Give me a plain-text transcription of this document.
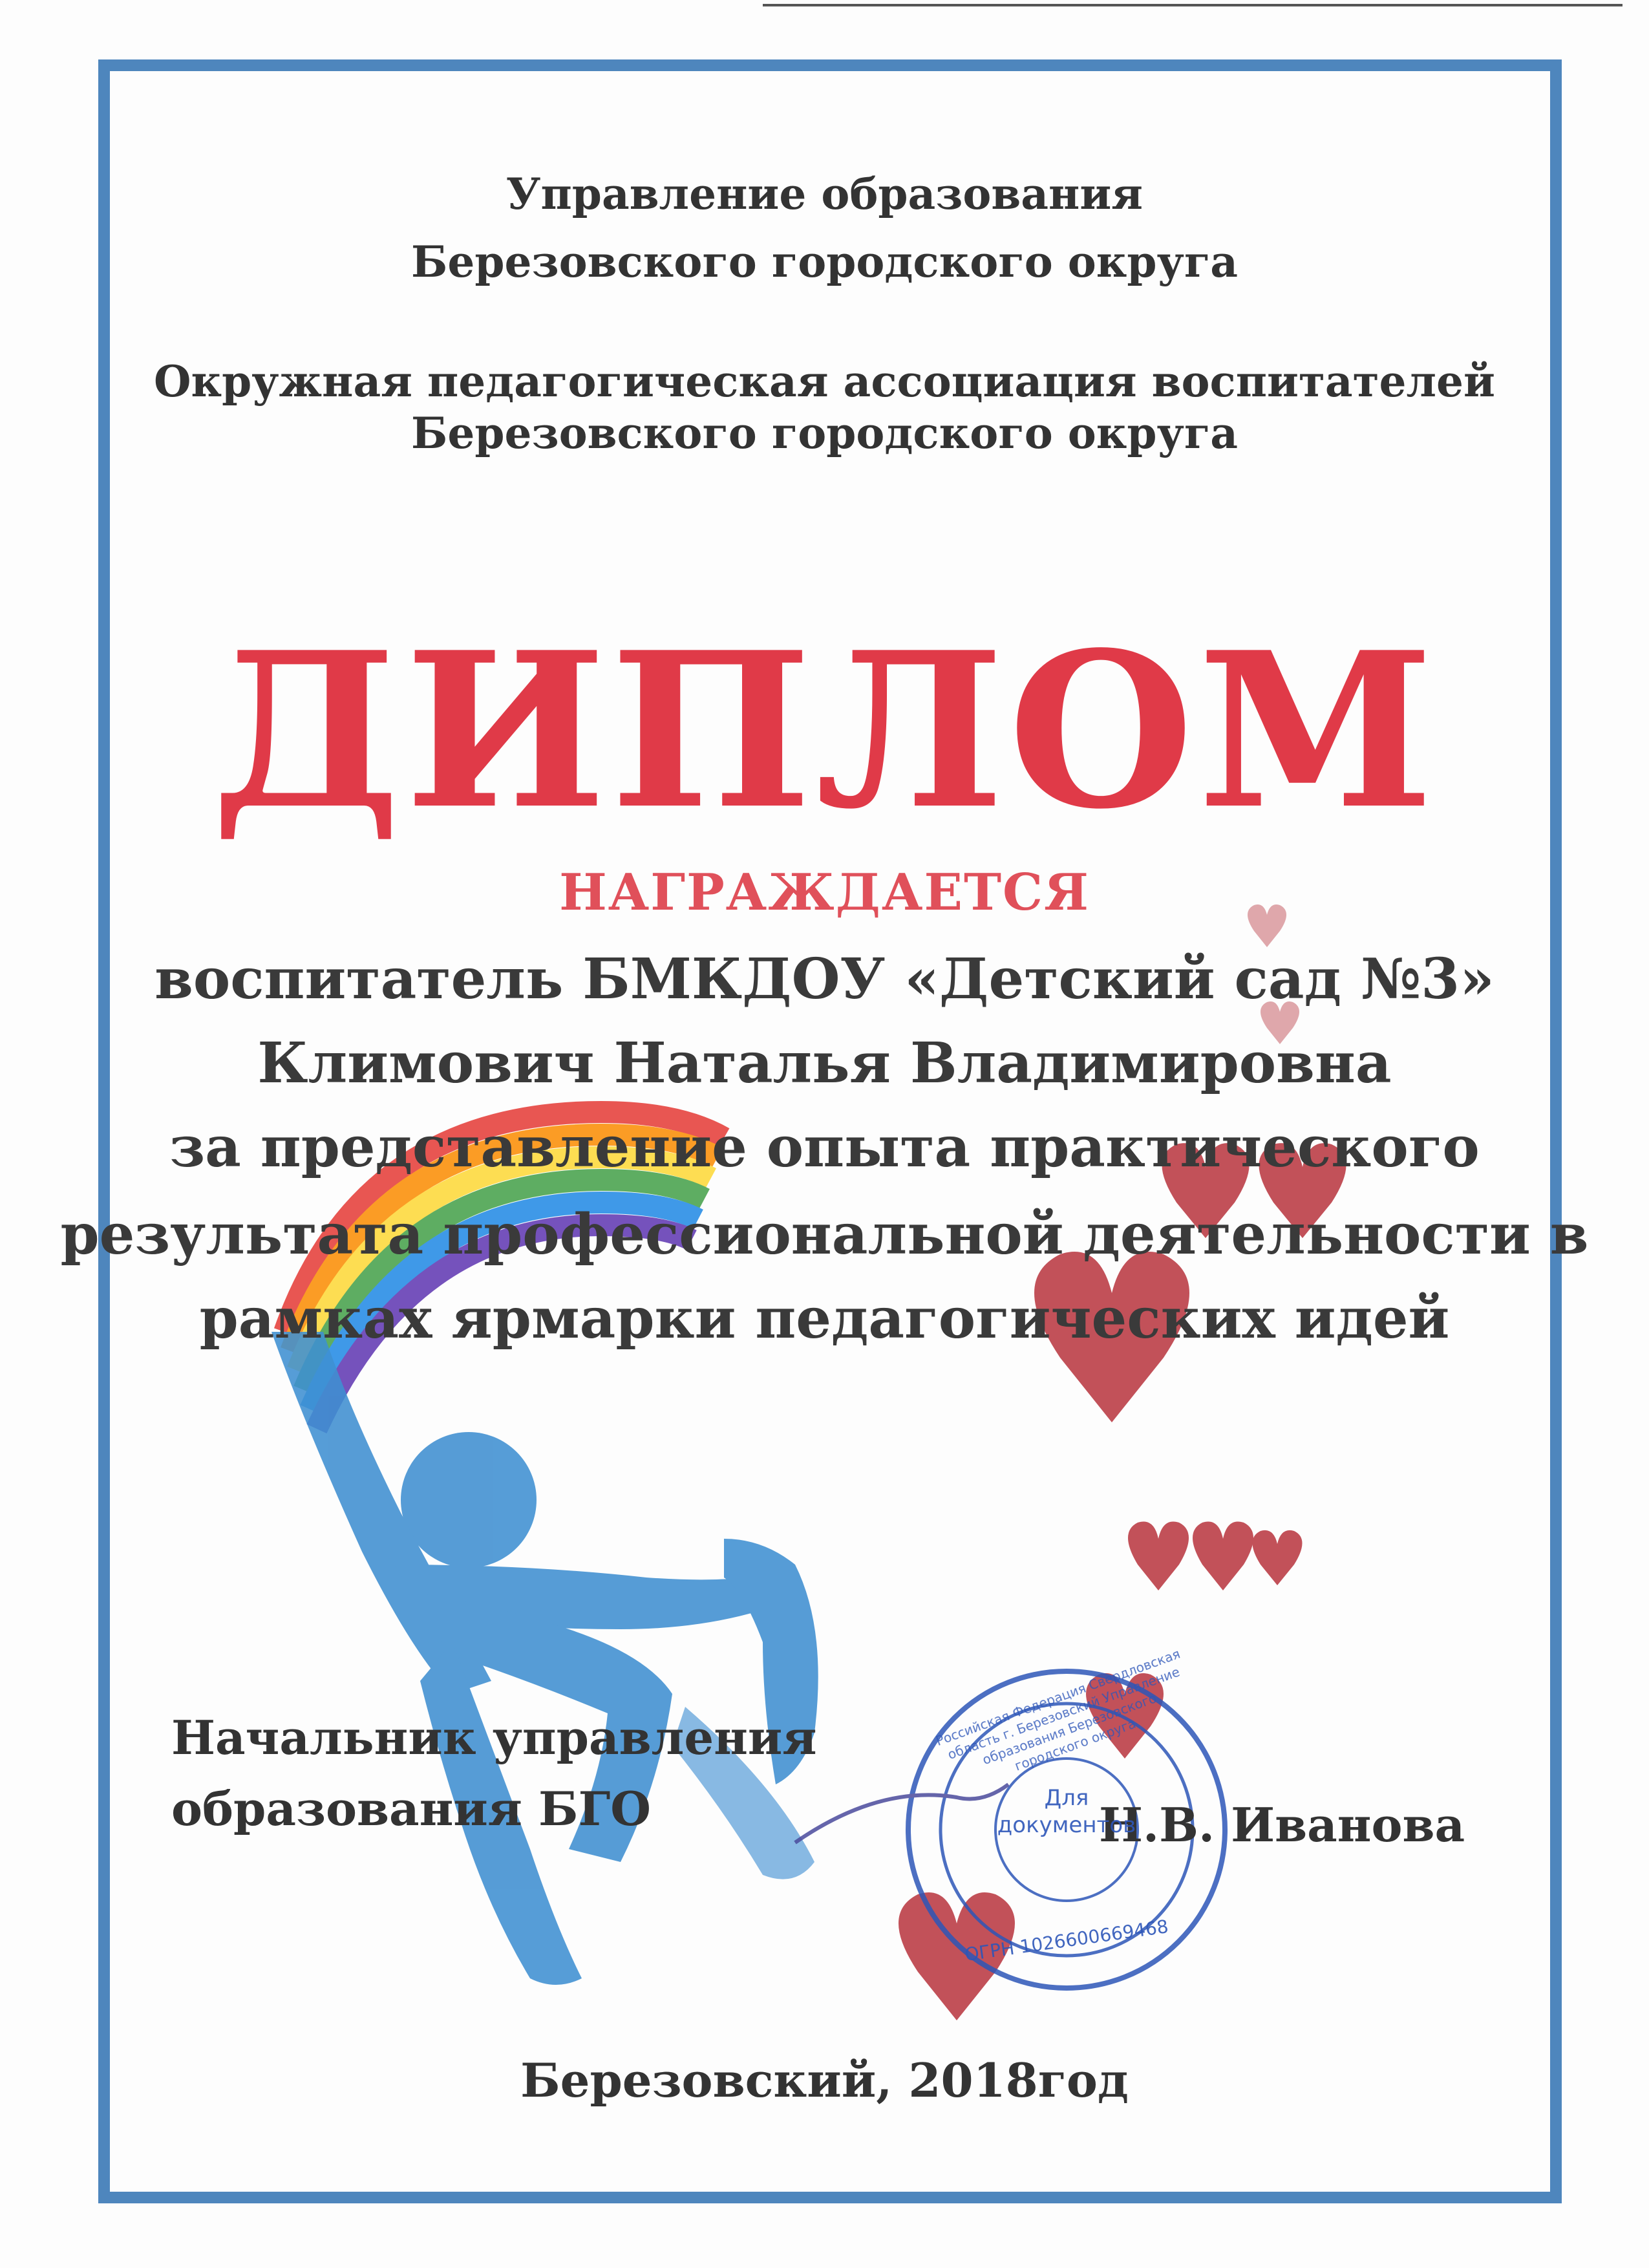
Управление образования
Березовского городского округа
Окружная педагогическая ассоциация воспитателей
Березовского городского округа
ДИПЛОМ
НАГРАЖДАЕТСЯ
воспитатель БМКДОУ «Детский сад №3»
Климович Наталья Владимировна
за представление опыта практического
результата профессиональной деятельности в
рамках ярмарки педагогических идей
Начальник управления
образования БГО	Н.В. Иванова
Для
документов
ОГРН 1026600669468
Российская Федерация Свердловская область г. Березовский Управление образования Березовского городского округа
Березовский, 2018год
